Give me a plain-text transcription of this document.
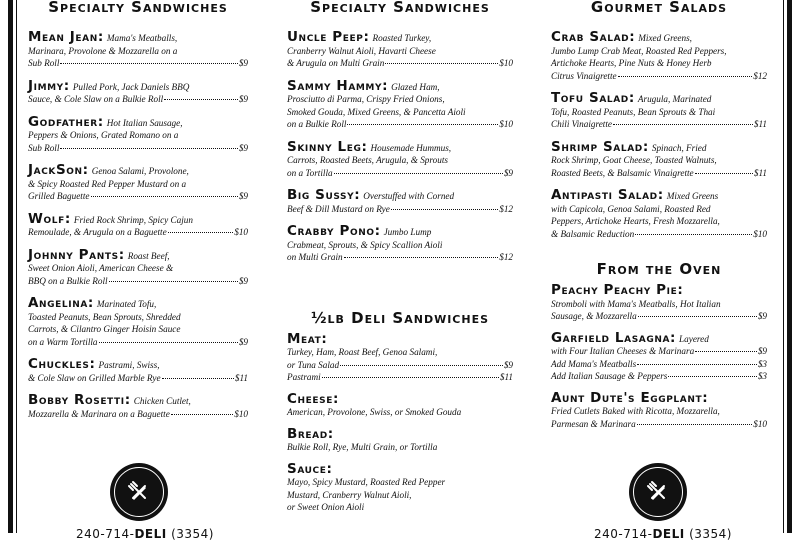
Specialty Sandwiches
Mean Jean: Mama's Meatballs,
Marinara, Provolone & Mozzarella on a
Sub Roll	$9
Jimmy: Pulled Pork, Jack Daniels BBQ
Sauce, & Cole Slaw on a Bulkie Roll	$9
Godfather: Hot Italian Sausage,
Peppers & Onions, Grated Romano on a
Sub Roll	$9
JackSon: Genoa Salami, Provolone,
& Spicy Roasted Red Pepper Mustard on a
Grilled Baguette	$9
Wolf: Fried Rock Shrimp, Spicy Cajun
Remoulade, & Arugula on a Baguette	$10
Johnny Pants: Roast Beef,
Sweet Onion Aioli, American Cheese &
BBQ on a Bulkie Roll	$9
Angelina: Marinated Tofu,
Toasted Peanuts, Bean Sprouts, Shredded
Carrots, & Cilantro Ginger Hoisin Sauce
on a Warm Tortilla	$9
Chuckles: Pastrami, Swiss,
& Cole Slaw on Grilled Marble Rye	$11
Bobby Rosetti: Chicken Cutlet,
Mozzarella & Marinara on a Baguette	$10
240-714-DELI (3354)
Specialty Sandwiches
Uncle Peep: Roasted Turkey,
Cranberry Walnut Aioli, Havarti Cheese
& Arugula on Multi Grain	$10
Sammy Hammy: Glazed Ham,
Prosciutto di Parma, Crispy Fried Onions,
Smoked Gouda, Mixed Greens, & Pancetta Aioli
on a Bulkie Roll	$10
Skinny Leg: Housemade Hummus,
Carrots, Roasted Beets, Arugula, & Sprouts
on a Tortilla	$9
Big Sussy: Overstuffed with Corned
Beef & Dill Mustard on Rye	$12
Crabby Pono: Jumbo Lump
Crabmeat, Sprouts, & Spicy Scallion Aioli
on Multi Grain	$12
½lb Deli Sandwiches
Meat:
Turkey, Ham, Roast Beef, Genoa Salami,
or Tuna Salad	$9
Pastrami	$11
Cheese:
American, Provolone, Swiss, or Smoked Gouda
Bread:
Bulkie Roll, Rye, Multi Grain, or Tortilla
Sauce:
Mayo, Spicy Mustard, Roasted Red Pepper
Mustard, Cranberry Walnut Aioli,
or Sweet Onion Aioli
Gourmet Salads
Crab Salad: Mixed Greens,
Jumbo Lump Crab Meat, Roasted Red Peppers,
Artichoke Hearts, Pine Nuts & Honey Herb
Citrus Vinaigrette	$12
Tofu Salad: Arugula, Marinated
Tofu, Roasted Peanuts, Bean Sprouts & Thai
Chili Vinaigrette	$11
Shrimp Salad: Spinach, Fried
Rock Shrimp, Goat Cheese, Toasted Walnuts,
Roasted Beets, & Balsamic Vinaigrette	$11
Antipasti Salad: Mixed Greens
with Capicola, Genoa Salami, Roasted Red
Peppers, Artichoke Hearts, Fresh Mozzarella,
& Balsamic Reduction	$10
From the Oven
Peachy Peachy Pie:
Stromboli with Mama's Meatballs, Hot Italian
Sausage, & Mozzarella	$9
Garfield Lasagna: Layered
with Four Italian Cheeses & Marinara	$9
Add Mama's Meatballs	$3
Add Italian Sausage & Peppers	$3
Aunt Dute's Eggplant:
Fried Cutlets Baked with Ricotta, Mozzarella,
Parmesan & Marinara	$10
240-714-DELI (3354)
